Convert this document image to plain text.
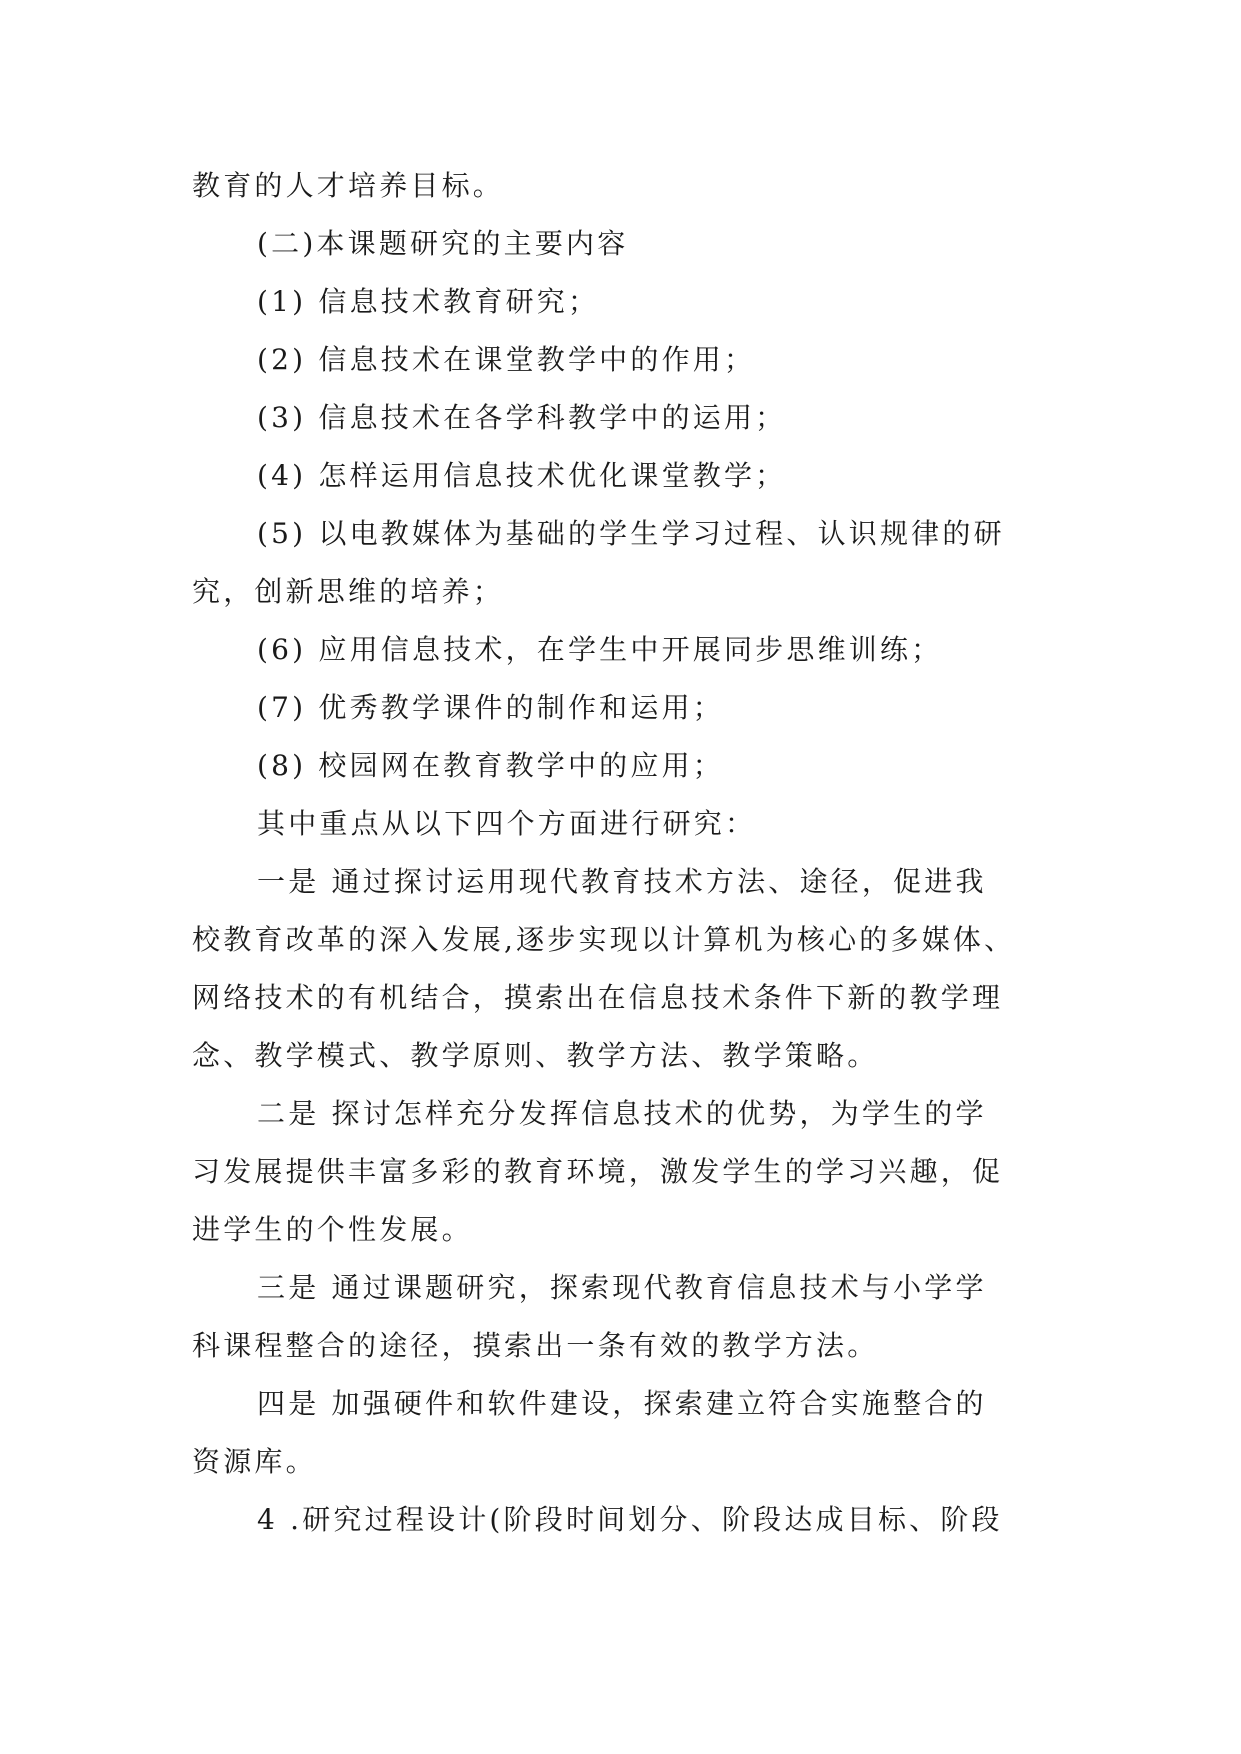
教育的人才培养目标。
(二)本课题研究的主要内容
(1) 信息技术教育研究；
(2) 信息技术在课堂教学中的作用；
(3) 信息技术在各学科教学中的运用；
(4) 怎样运用信息技术优化课堂教学；
(5) 以电教媒体为基础的学生学习过程、认识规律的研
究，创新思维的培养；
(6) 应用信息技术，在学生中开展同步思维训练；
(7) 优秀教学课件的制作和运用；
(8) 校园网在教育教学中的应用；
其中重点从以下四个方面进行研究：
一是 通过探讨运用现代教育技术方法、途径，促进我
校教育改革的深入发展,逐步实现以计算机为核心的多媒体、
网络技术的有机结合，摸索出在信息技术条件下新的教学理
念、教学模式、教学原则、教学方法、教学策略。
二是 探讨怎样充分发挥信息技术的优势，为学生的学
习发展提供丰富多彩的教育环境，激发学生的学习兴趣，促
进学生的个性发展。
三是 通过课题研究，探索现代教育信息技术与小学学
科课程整合的途径，摸索出一条有效的教学方法。
四是 加强硬件和软件建设，探索建立符合实施整合的
资源库。
4 .研究过程设计(阶段时间划分、阶段达成目标、阶段
